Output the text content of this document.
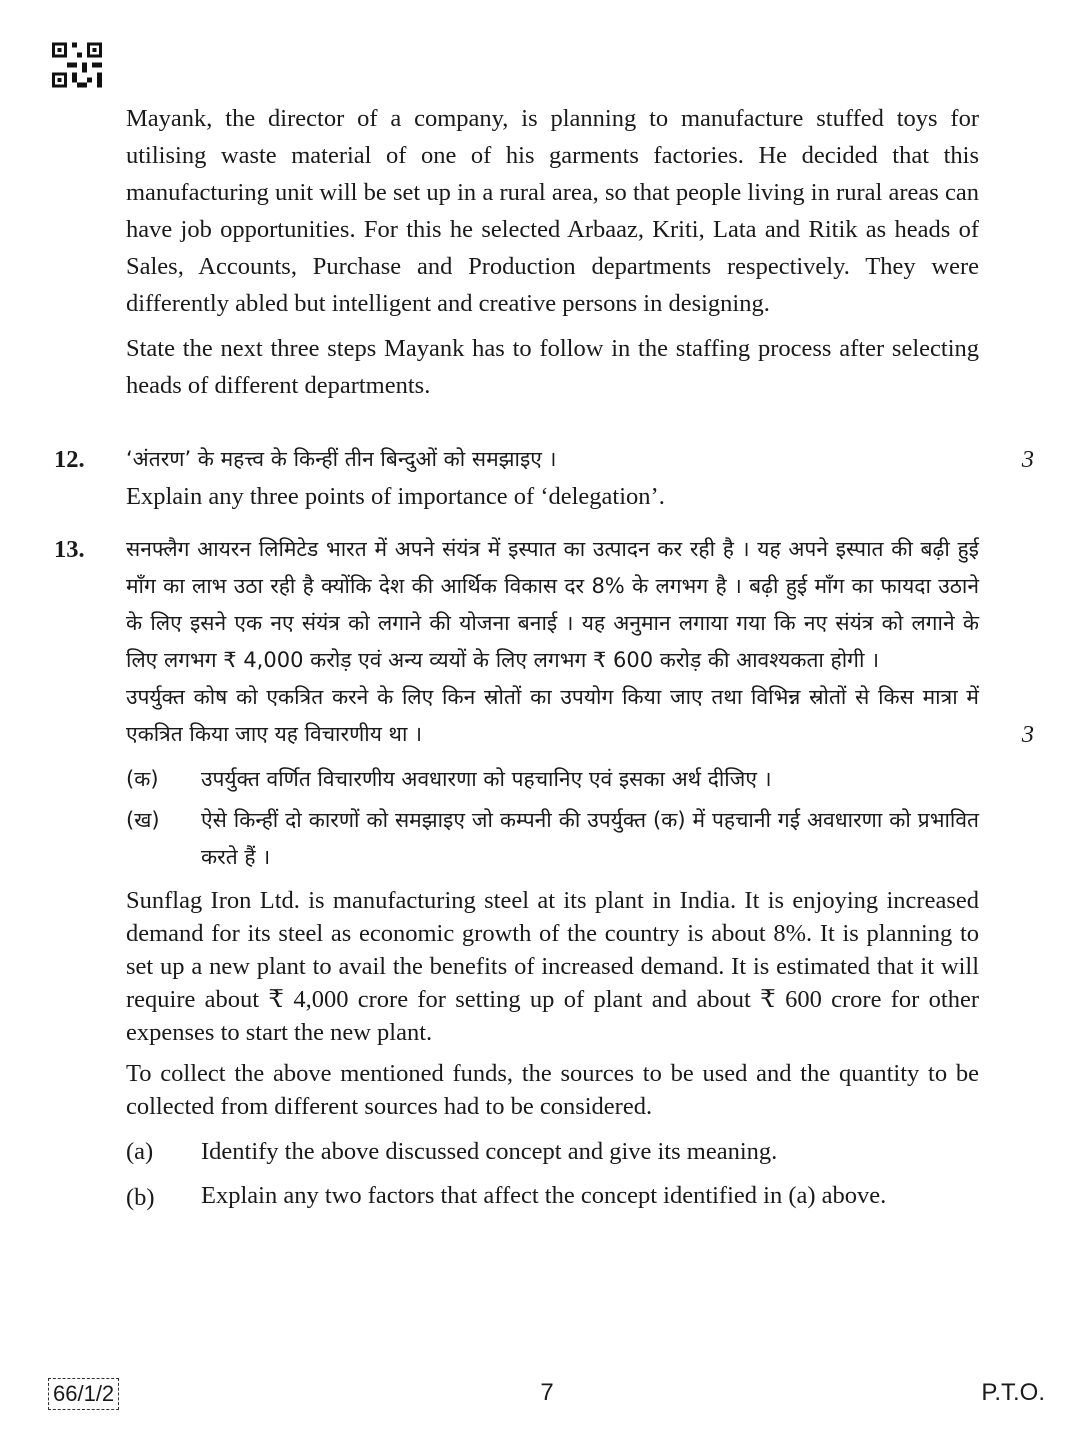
Mayank, the director of a company, is planning to manufacture stuffed toys for utilising waste material of one of his garments factories. He decided that this manufacturing unit will be set up in a rural area, so that people living in rural areas can have job opportunities. For this he selected Arbaaz, Kriti, Lata and Ritik as heads of Sales, Accounts, Purchase and Production departments respectively. They were differently abled but intelligent and creative persons in designing.

State the next three steps Mayank has to follow in the staffing process after selecting heads of different departments.

12.	3

‘अंतरण’ के महत्त्व के किन्हीं तीन बिन्दुओं को समझाइए ।

Explain any three points of importance of ‘delegation’.

13.	सनफ्लैग आयरन लिमिटेड भारत में अपने संयंत्र में इस्पात का उत्पादन कर रही है । यह अपने इस्पात की बढ़ी हुई माँग का लाभ उठा रही है क्योंकि देश की आर्थिक विकास दर 8% के लगभग है । बढ़ी हुई माँग का फायदा उठाने के लिए इसने एक नए संयंत्र को लगाने की योजना बनाई । यह अनुमान लगाया गया कि नए संयंत्र को लगाने के लिए लगभग ₹ 4,000 करोड़ एवं अन्य व्ययों के लिए लगभग ₹ 600 करोड़ की आवश्यकता होगी ।

3

उपर्युक्त कोष को एकत्रित करने के लिए किन स्रोतों का उपयोग किया जाए तथा विभिन्न स्रोतों से किस मात्रा में एकत्रित किया जाए यह विचारणीय था ।

(क)	उपर्युक्त वर्णित विचारणीय अवधारणा को पहचानिए एवं इसका अर्थ दीजिए ।
(ख)	ऐसे किन्हीं दो कारणों को समझाइए जो कम्पनी की उपर्युक्त (क) में पहचानी गई अवधारणा को प्रभावित करते हैं ।

Sunflag Iron Ltd. is manufacturing steel at its plant in India. It is enjoying increased demand for its steel as economic growth of the country is about 8%. It is planning to set up a new plant to avail the benefits of increased demand. It is estimated that it will require about ₹ 4,000 crore for setting up of plant and about ₹ 600 crore for other expenses to start the new plant.

To collect the above mentioned funds, the sources to be used and the quantity to be collected from different sources had to be considered.

(a)	Identify the above discussed concept and give its meaning.
(b)	Explain any two factors that affect the concept identified in (a) above.
66/1/2	7	P.T.O.
